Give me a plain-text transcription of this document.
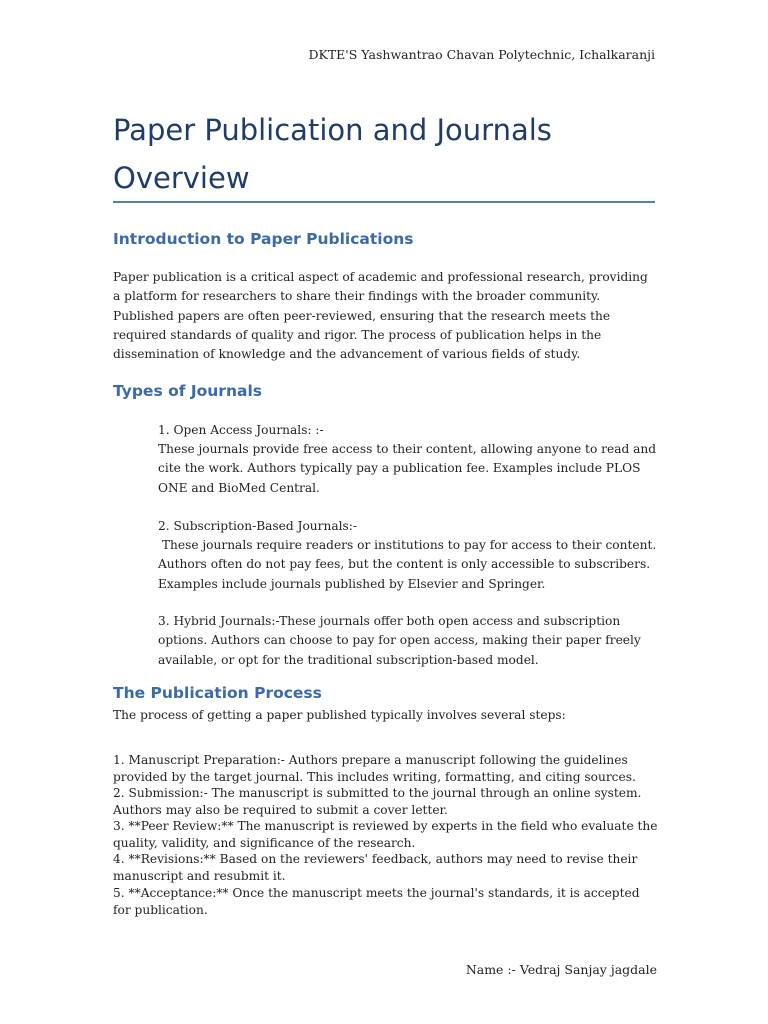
DKTE'S Yashwantrao Chavan Polytechnic, Ichalkaranji
Paper Publication and Journals Overview
Introduction to Paper Publications

Paper publication is a critical aspect of academic and professional research, providing a platform for researchers to share their findings with the broader community. Published papers are often peer-reviewed, ensuring that the research meets the required standards of quality and rigor. The process of publication helps in the dissemination of knowledge and the advancement of various fields of study.

Types of Journals

1. Open Access Journals: :-

These journals provide free access to their content, allowing anyone to read and cite the work. Authors typically pay a publication fee. Examples include PLOS ONE and BioMed Central.

2. Subscription-Based Journals:-

These journals require readers or institutions to pay for access to their content. Authors often do not pay fees, but the content is only accessible to subscribers. Examples include journals published by Elsevier and Springer.

3. Hybrid Journals:-These journals offer both open access and subscription options. Authors can choose to pay for open access, making their paper freely available, or opt for the traditional subscription-based model.

The Publication Process

The process of getting a paper published typically involves several steps:

1. Manuscript Preparation:- Authors prepare a manuscript following the guidelines provided by the target journal. This includes writing, formatting, and citing sources.

2. Submission:- The manuscript is submitted to the journal through an online system. Authors may also be required to submit a cover letter.

3. **Peer Review:** The manuscript is reviewed by experts in the field who evaluate the quality, validity, and significance of the research.

4. **Revisions:** Based on the reviewers' feedback, authors may need to revise their manuscript and resubmit it.

5. **Acceptance:** Once the manuscript meets the journal's standards, it is accepted for publication.

Name :- Vedraj Sanjay jagdale
